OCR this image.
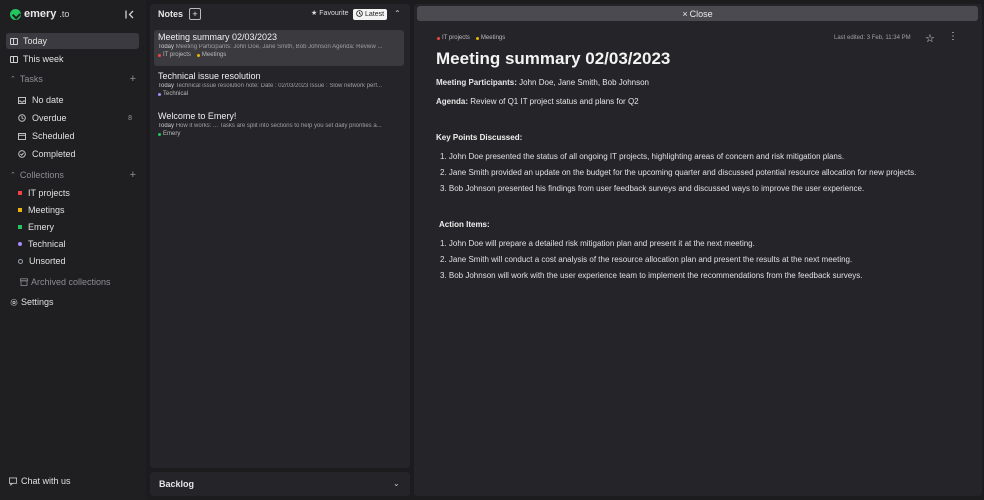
emery .to
Today
This week
⌃ Tasks	+
No date
Overdue	8
Scheduled
Completed
⌃ Collections	+
IT projects
Meetings
Emery
Technical
Unsorted
Archived collections
Settings
Chat with us
Notes	+	★ Favourite Latest ⌃
Meeting summary 02/03/2023
Today Meeting Participants: John Doe, Jane Smith, Bob Johnson Agenda: Review ...
IT projects Meetings
Technical issue resolution
Today Technical issue resolution note: Date : 02/03/2023 Issue : Slow network perf...
Technical
Welcome to Emery!
Today How it works: ... Tasks are split into sections to help you set daily priorities a...
Emery
Backlog	⌄
× Close
IT projects Meetings	Last edited: 3 Feb, 11:34 PM ☆ ⋮
Meeting summary 02/03/2023
Meeting Participants: John Doe, Jane Smith, Bob Johnson
Agenda: Review of Q1 IT project status and plans for Q2
Key Points Discussed:
1. John Doe presented the status of all ongoing IT projects, highlighting areas of concern and risk mitigation plans.
2. Jane Smith provided an update on the budget for the upcoming quarter and discussed potential resource allocation for new projects.
3. Bob Johnson presented his findings from user feedback surveys and discussed ways to improve the user experience.
Action Items:
1. John Doe will prepare a detailed risk mitigation plan and present it at the next meeting.
2. Jane Smith will conduct a cost analysis of the resource allocation plan and present the results at the next meeting.
3. Bob Johnson will work with the user experience team to implement the recommendations from the feedback surveys.
